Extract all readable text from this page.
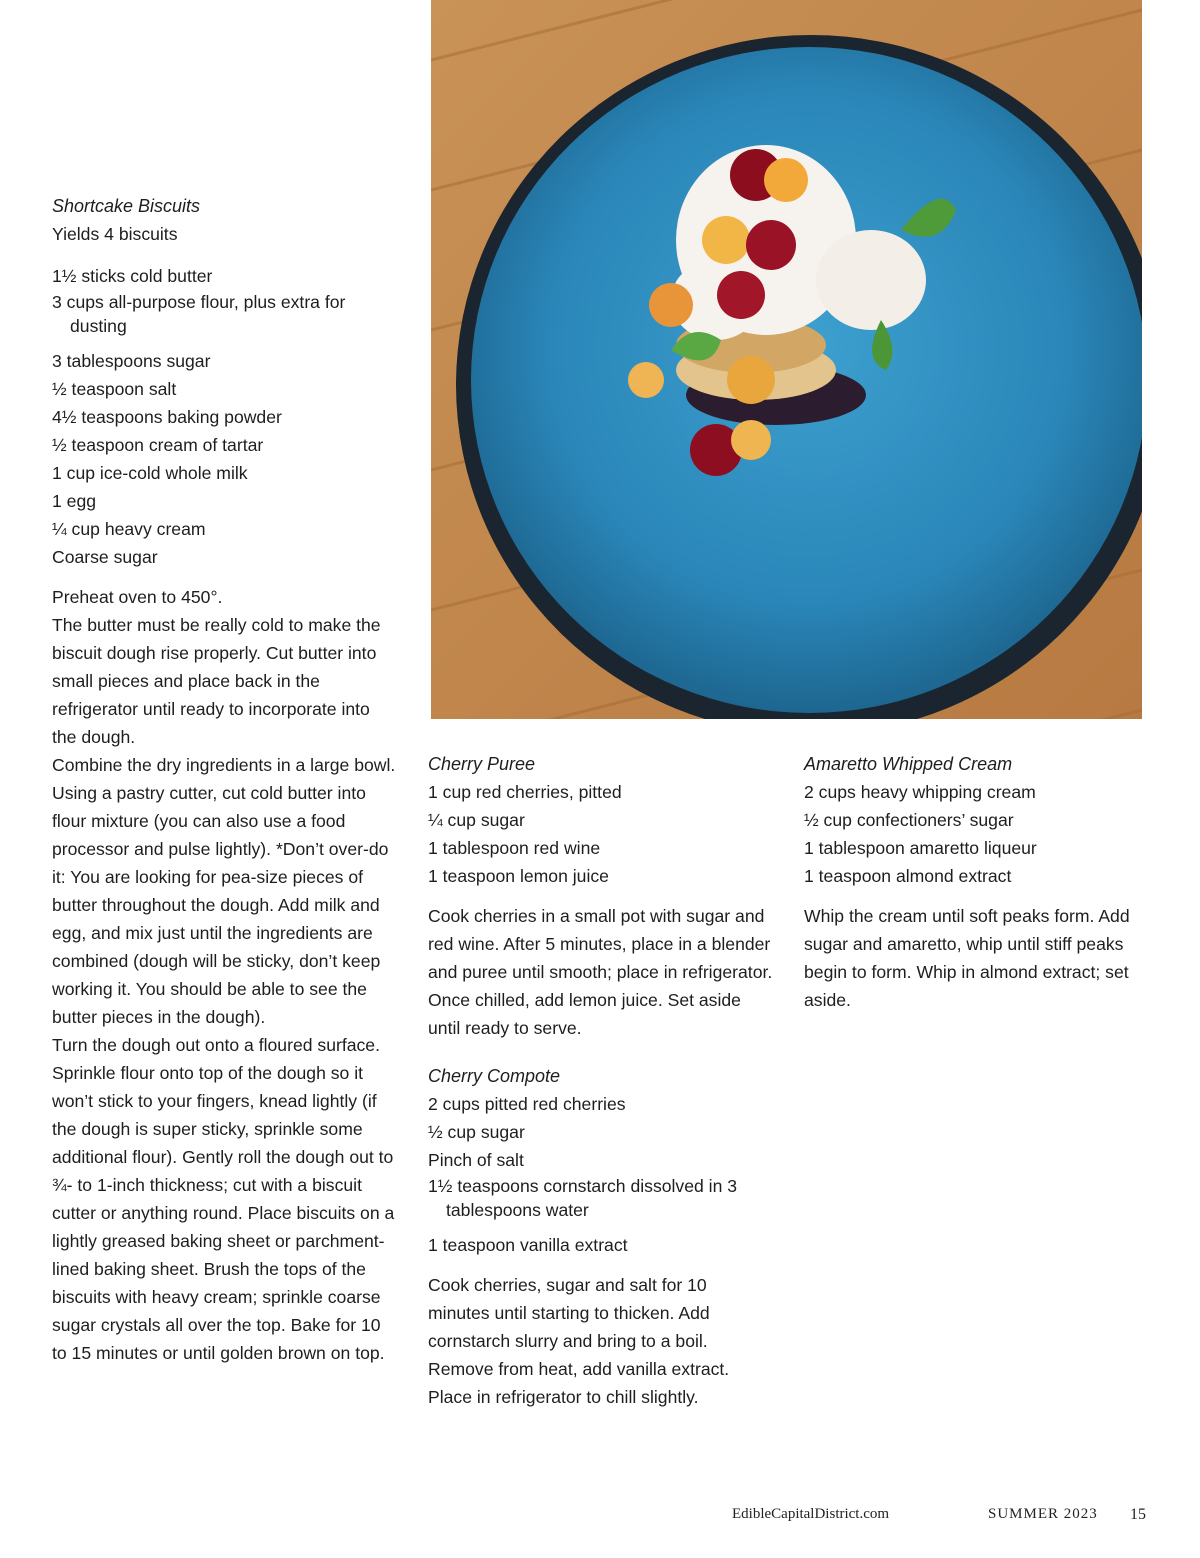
Shortcake Biscuits

Yields 4 biscuits

1½ sticks cold butter

3 cups all-purpose flour, plus extra for dusting

3 tablespoons sugar

½ teaspoon salt

4½ teaspoons baking powder

½ teaspoon cream of tartar

1 cup ice-cold whole milk

1 egg

¼ cup heavy cream

Coarse sugar

Preheat oven to 450°.

The butter must be really cold to make the biscuit dough rise properly. Cut butter into small pieces and place back in the refrigerator until ready to incorporate into the dough.

Combine the dry ingredients in a large bowl. Using a pastry cutter, cut cold butter into flour mixture (you can also use a food processor and pulse lightly). *Don’t over-do it: You are looking for pea-size pieces of butter throughout the dough. Add milk and egg, and mix just until the ingredients are combined (dough will be sticky, don’t keep working it. You should be able to see the butter pieces in the dough).

Turn the dough out onto a floured surface. Sprinkle flour onto top of the dough so it won’t stick to your fingers, knead lightly (if the dough is super sticky, sprinkle some additional flour). Gently roll the dough out to ¾- to 1-inch thickness; cut with a biscuit cutter or anything round. Place biscuits on a lightly greased baking sheet or parchment-lined baking sheet. Brush the tops of the biscuits with heavy cream; sprinkle coarse sugar crystals all over the top. Bake for 10 to 15 minutes or until golden brown on top.

Cherry Puree

1 cup red cherries, pitted

¼ cup sugar

1 tablespoon red wine

1 teaspoon lemon juice

Cook cherries in a small pot with sugar and red wine. After 5 minutes, place in a blender and puree until smooth; place in refrigerator. Once chilled, add lemon juice. Set aside until ready to serve.

Cherry Compote

2 cups pitted red cherries

½ cup sugar

Pinch of salt

1½ teaspoons cornstarch dissolved in 3 tablespoons water

1 teaspoon vanilla extract

Cook cherries, sugar and salt for 10 minutes until starting to thicken. Add cornstarch slurry and bring to a boil. Remove from heat, add vanilla extract. Place in refrigerator to chill slightly.

Amaretto Whipped Cream

2 cups heavy whipping cream

½ cup confectioners’ sugar

1 tablespoon amaretto liqueur

1 teaspoon almond extract

Whip the cream until soft peaks form. Add sugar and amaretto, whip until stiff peaks begin to form. Whip in almond extract; set aside.

EdibleCapitalDistrict.com	SUMMER 2023 15
